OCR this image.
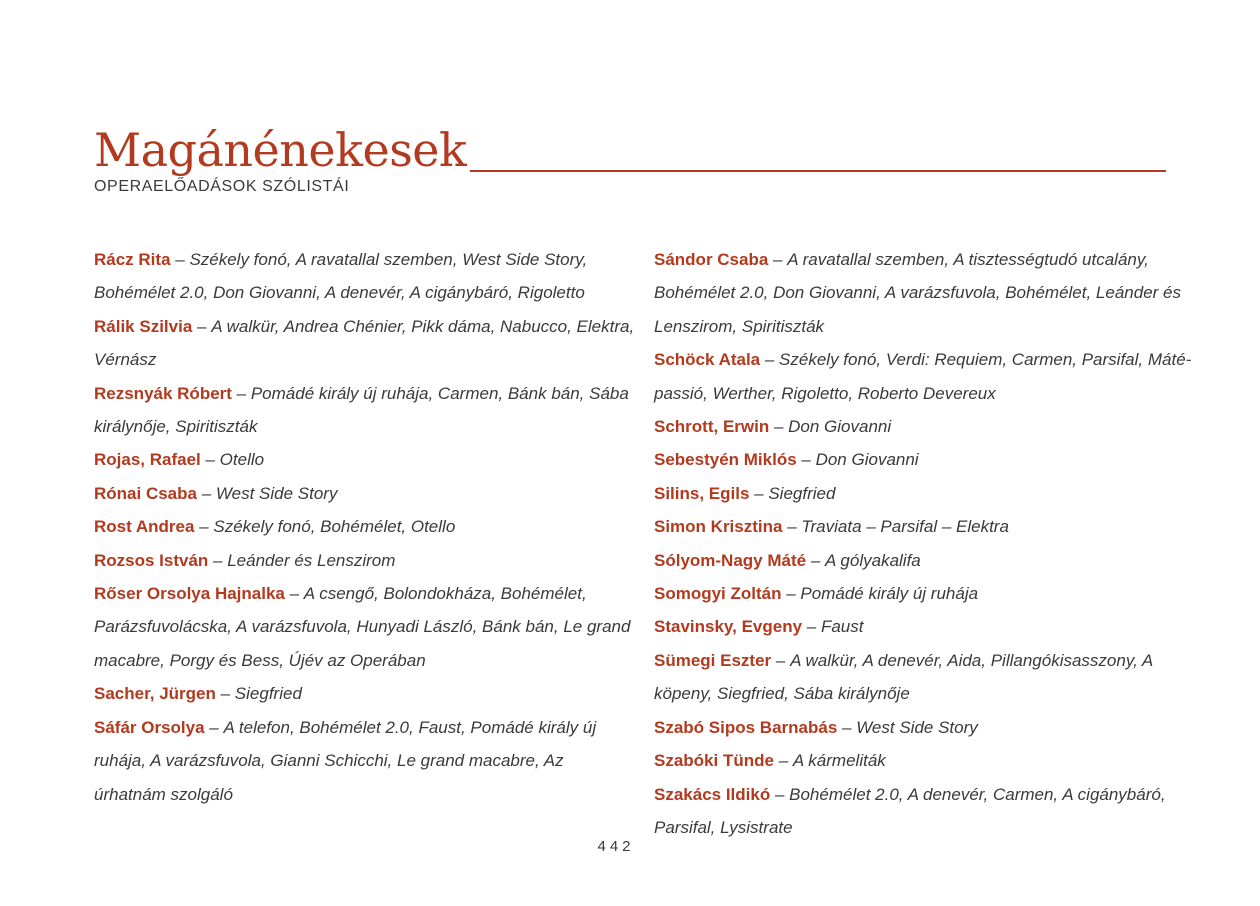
Magánénekesek
OPERAELŐADÁSOK SZÓLISTÁI

Rácz Rita – Székely fonó, A ravatallal szemben, West Side Story, Bohémélet 2.0, Don Giovanni, A denevér, A cigánybáró, Rigoletto

Rálik Szilvia – A walkür, Andrea Chénier, Pikk dáma, Nabucco, Elektra, Vérnász

Rezsnyák Róbert – Pomádé király új ruhája, Carmen, Bánk bán, Sába királynője, Spiritiszták

Rojas, Rafael – Otello

Rónai Csaba – West Side Story

Rost Andrea – Székely fonó, Bohémélet, Otello

Rozsos István – Leánder és Lenszirom

Rőser Orsolya Hajnalka – A csengő, Bolondokháza, Bohémélet, Parázsfuvolácska, A varázsfuvola, Hunyadi László, Bánk bán, Le grand macabre, Porgy és Bess, Újév az Operában

Sacher, Jürgen – Siegfried

Sáfár Orsolya – A telefon, Bohémélet 2.0, Faust, Pomádé király új ruhája, A varázsfuvola, Gianni Schicchi, Le grand macabre, Az úrhatnám szolgáló

Sándor Csaba – A ravatallal szemben, A tisztességtudó utcalány, Bohémélet 2.0, Don Giovanni, A varázsfuvola, Bohémélet, Leánder és Lenszirom, Spiritiszták

Schöck Atala – Székely fonó, Verdi: Requiem, Carmen, Parsifal, Máté-passió, Werther, Rigoletto, Roberto Devereux

Schrott, Erwin – Don Giovanni

Sebestyén Miklós – Don Giovanni

Silins, Egils – Siegfried

Simon Krisztina – Traviata – Parsifal – Elektra

Sólyom-Nagy Máté – A gólyakalifa

Somogyi Zoltán – Pomádé király új ruhája

Stavinsky, Evgeny – Faust

Sümegi Eszter – A walkür, A denevér, Aida, Pillangókisasszony, A köpeny, Siegfried, Sába királynője

Szabó Sipos Barnabás – West Side Story

Szabóki Tünde – A kármeliták

Szakács Ildikó – Bohémélet 2.0, A denevér, Carmen, A cigánybáró, Parsifal, Lysistrate

442
